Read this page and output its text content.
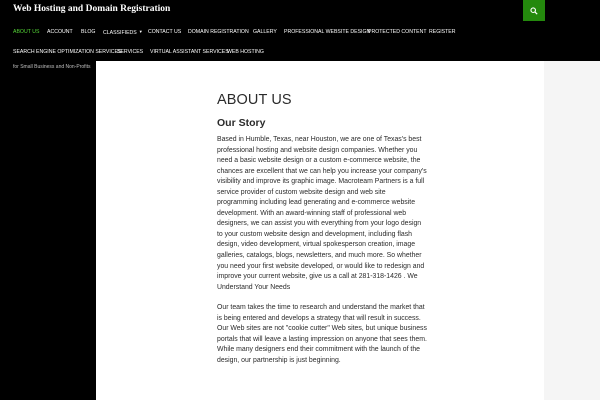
Web Hosting and Domain Registration
ABOUT US ACCOUNT BLOG CLASSIFIEDS ▼ CONTACT US DOMAIN REGISTRATION GALLERY PROFESSIONAL WEBSITE DESIGN
PROTECTED CONTENT REGISTER
SEARCH ENGINE OPTIMIZATION SERVICES
SERVICES VIRTUAL ASSISTANT SERVICES
WEB HOSTING
for Small Business and Non-Profits
ABOUT US
Our Story

Based in Humble, Texas, near Houston, we are one of Texas's best professional hosting and website design companies. Whether you need a basic website design or a custom e-commerce website, the chances are excellent that we can help you increase your company's visibility and improve its graphic image. Macroteam Partners is a full service provider of custom website design and web site programming including lead generating and e-commerce website development. With an award-winning staff of professional web designers, we can assist you with everything from your logo design to your custom website design and development, including flash design, video development, virtual spokesperson creation, image galleries, catalogs, blogs, newsletters, and much more. So whether you need your first website developed, or would like to redesign and improve your current website, give us a call at 281-318-1426 . We Understand Your Needs

Our team takes the time to research and understand the market that is being entered and develops a strategy that will result in success. Our Web sites are not "cookie cutter" Web sites, but unique business portals that will leave a lasting impression on anyone that sees them. While many designers end their commitment with the launch of the design, our partnership is just beginning.
